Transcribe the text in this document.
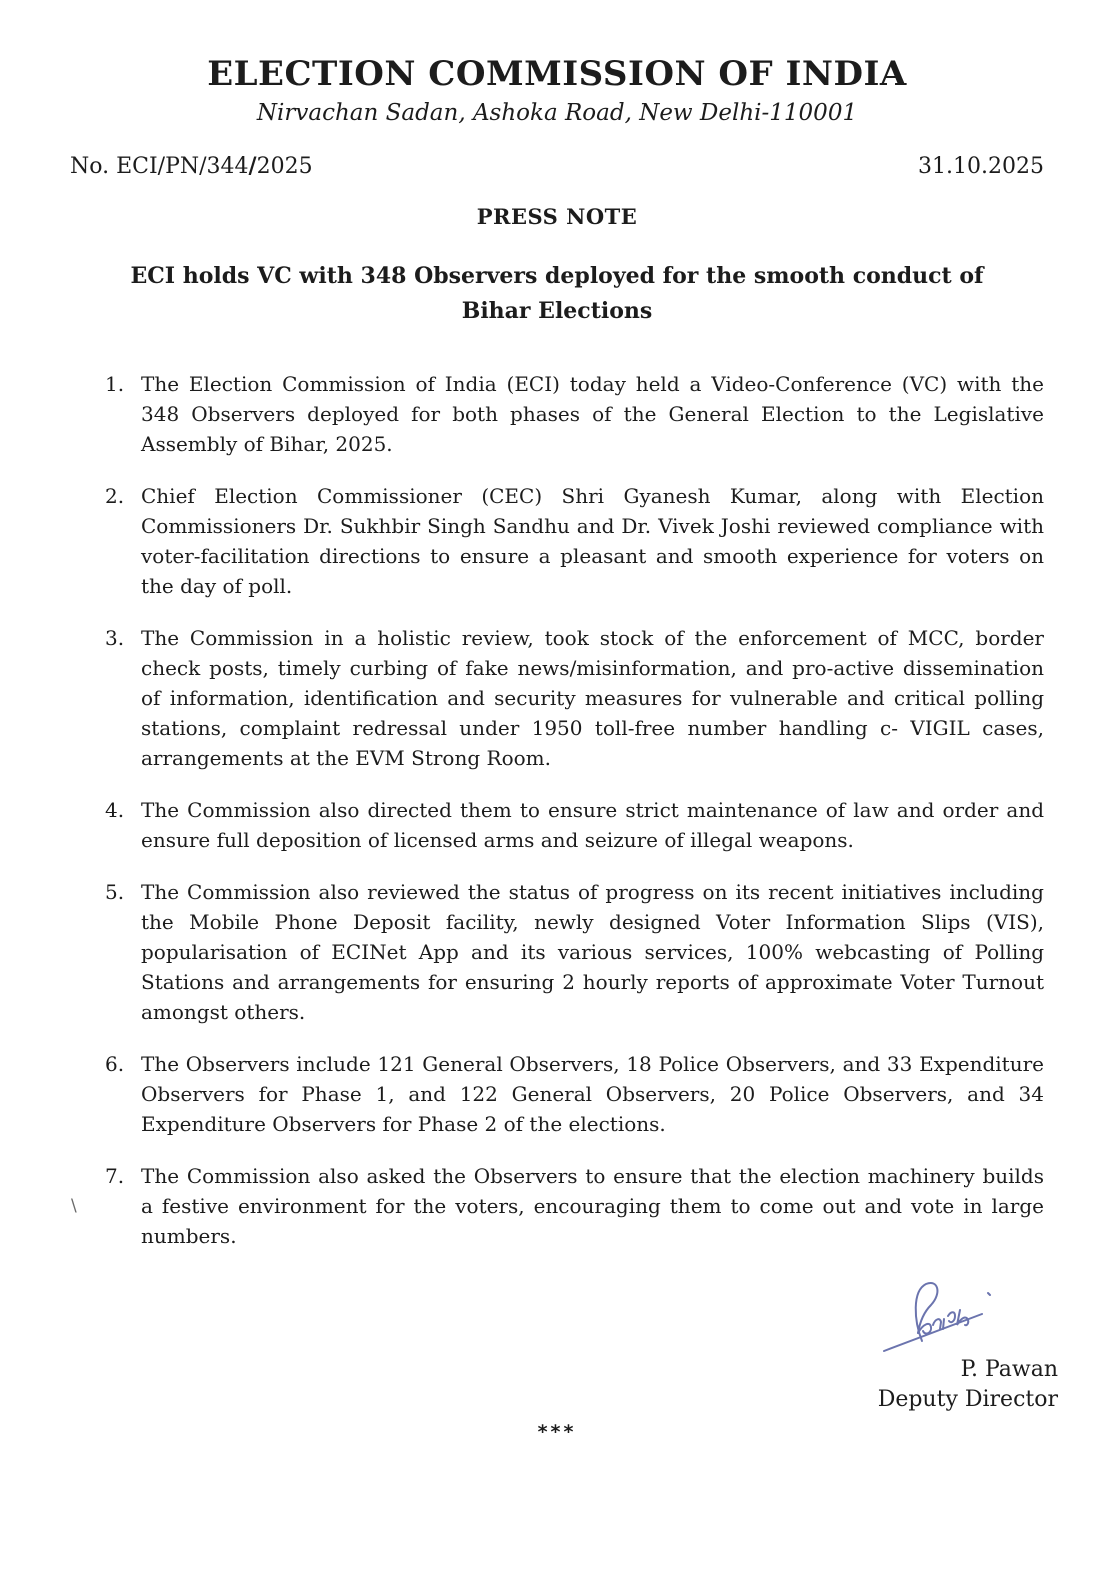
ELECTION COMMISSION OF INDIA
Nirvachan Sadan, Ashoka Road, New Delhi-110001
No. ECI/PN/344/2025	31.10.2025
PRESS NOTE
ECI holds VC with 348 Observers deployed for the smooth conduct of Bihar Elections
1. The Election Commission of India (ECI) today held a Video-Conference (VC) with the 348 Observers deployed for both phases of the General Election to the Legislative Assembly of Bihar, 2025.
2. Chief Election Commissioner (CEC) Shri Gyanesh Kumar, along with Election Commissioners Dr. Sukhbir Singh Sandhu and Dr. Vivek Joshi reviewed compliance with voter-facilitation directions to ensure a pleasant and smooth experience for voters on the day of poll.
3. The Commission in a holistic review, took stock of the enforcement of MCC, border check posts, timely curbing of fake news/misinformation, and pro-active dissemination of information, identification and security measures for vulnerable and critical polling stations, complaint redressal under 1950 toll-free number handling c- VIGIL cases, arrangements at the EVM Strong Room.
4. The Commission also directed them to ensure strict maintenance of law and order and ensure full deposition of licensed arms and seizure of illegal weapons.
5. The Commission also reviewed the status of progress on its recent initiatives including the Mobile Phone Deposit facility, newly designed Voter Information Slips (VIS), popularisation of ECINet App and its various services, 100% webcasting of Polling Stations and arrangements for ensuring 2 hourly reports of approximate Voter Turnout amongst others.
6. The Observers include 121 General Observers, 18 Police Observers, and 33 Expenditure Observers for Phase 1, and 122 General Observers, 20 Police Observers, and 34 Expenditure Observers for Phase 2 of the elections.
7. The Commission also asked the Observers to ensure that the election machinery builds a festive environment for the voters, encouraging them to come out and vote in large numbers.
P. Pawan
Deputy Director
***
\
